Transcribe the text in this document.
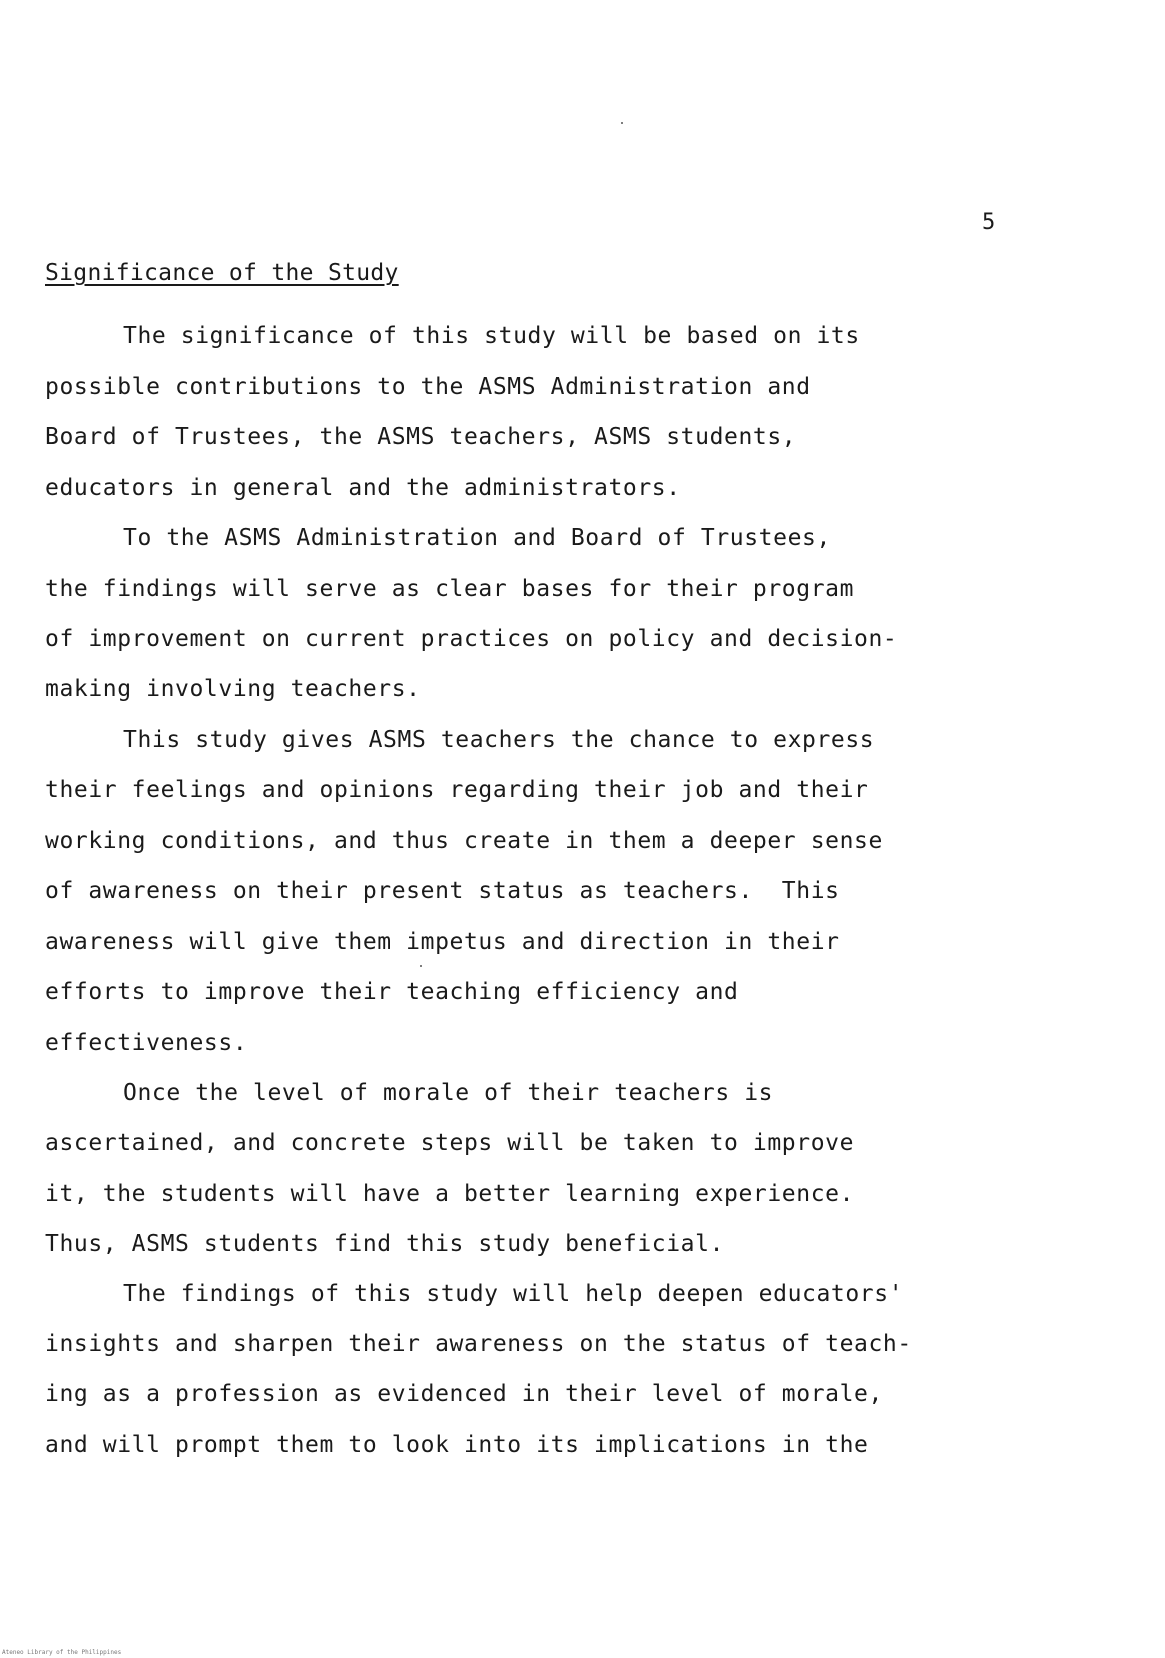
5
Significance of the Study
The significance of this study will be based on its
possible contributions to the ASMS Administration and
Board of Trustees, the ASMS teachers, ASMS students,
educators in general and the administrators.
To the ASMS Administration and Board of Trustees,
the findings will serve as clear bases for their program
of improvement on current practices on policy and decision-
making involving teachers.
This study gives ASMS teachers the chance to express
their feelings and opinions regarding their job and their
working conditions, and thus create in them a deeper sense
of awareness on their present status as teachers.  This
awareness will give them impetus and direction in their
efforts to improve their teaching efficiency and
effectiveness.
Once the level of morale of their teachers is
ascertained, and concrete steps will be taken to improve
it, the students will have a better learning experience.
Thus, ASMS students find this study beneficial.
The findings of this study will help deepen educators'
insights and sharpen their awareness on the status of teach-
ing as a profession as evidenced in their level of morale,
and will prompt them to look into its implications in the
Ateneo Library of the Philippines
